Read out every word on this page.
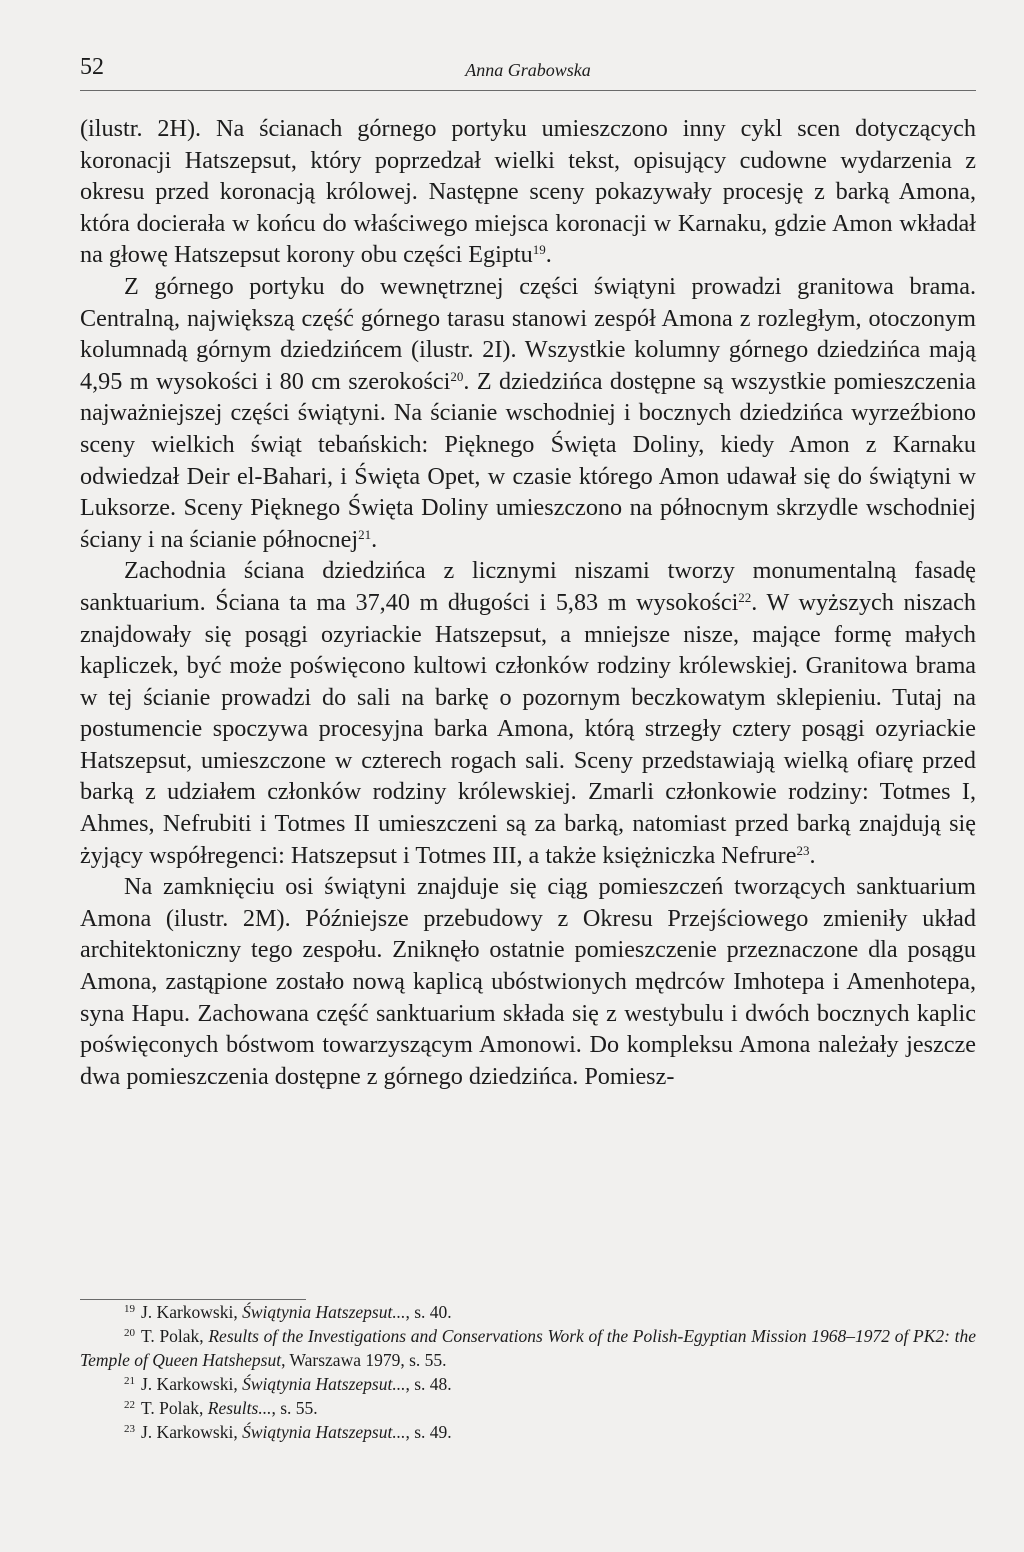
52	Anna Grabowska

(ilustr. 2H). Na ścianach górnego portyku umieszczono inny cykl scen dotyczących koronacji Hatszepsut, który poprzedzał wielki tekst, opisujący cudowne wydarzenia z okresu przed koronacją królowej. Następne sceny pokazywały procesję z barką Amona, która docierała w końcu do właściwego miejsca koronacji w Karnaku, gdzie Amon wkładał na głowę Hatszepsut korony obu części Egiptu$^{19}$.

Z górnego portyku do wewnętrznej części świątyni prowadzi granitowa brama. Centralną, największą część górnego tarasu stanowi zespół Amona z rozległym, otoczonym kolumnadą górnym dziedzińcem (ilustr. 2I). Wszystkie kolumny górnego dziedzińca mają 4,95 m wysokości i 80 cm szerokości$^{20}$. Z dziedzińca dostępne są wszystkie pomieszczenia najważniejszej części świątyni. Na ścianie wschodniej i bocznych dziedzińca wyrzeźbiono sceny wielkich świąt tebańskich: Pięknego Święta Doliny, kiedy Amon z Karnaku odwiedzał Deir el-Bahari, i Święta Opet, w czasie którego Amon udawał się do świątyni w Luksorze. Sceny Pięknego Święta Doliny umieszczono na północnym skrzydle wschodniej ściany i na ścianie północnej$^{21}$.

Zachodnia ściana dziedzińca z licznymi niszami tworzy monumentalną fasadę sanktuarium. Ściana ta ma 37,40 m długości i 5,83 m wysokości$^{22}$. W wyższych niszach znajdowały się posągi ozyriackie Hatszepsut, a mniejsze nisze, mające formę małych kapliczek, być może poświęcono kultowi członków rodziny królewskiej. Granitowa brama w tej ścianie prowadzi do sali na barkę o pozornym beczkowatym sklepieniu. Tutaj na postumencie spoczywa procesyjna barka Amona, którą strzegły cztery posągi ozyriackie Hatszepsut, umieszczone w czterech rogach sali. Sceny przedstawiają wielką ofiarę przed barką z udziałem członków rodziny królewskiej. Zmarli członkowie rodziny: Totmes I, Ahmes, Nefrubiti i Totmes II umieszczeni są za barką, natomiast przed barką znajdują się żyjący współregenci: Hatszepsut i Totmes III, a także księżniczka Nefrure$^{23}$.

Na zamknięciu osi świątyni znajduje się ciąg pomieszczeń tworzących sanktuarium Amona (ilustr. 2M). Późniejsze przebudowy z Okresu Przejściowego zmieniły układ architektoniczny tego zespołu. Zniknęło ostatnie pomieszczenie przeznaczone dla posągu Amona, zastąpione zostało nową kaplicą ubóstwionych mędrców Imhotepa i Amenhotepa, syna Hapu. Zachowana część sanktuarium składa się z westybulu i dwóch bocznych kaplic poświęconych bóstwom towarzyszącym Amonowi. Do kompleksu Amona należały jeszcze dwa pomieszczenia dostępne z górnego dziedzińca. Pomiesz-

$^{19}$ J. Karkowski, Świątynia Hatszepsut..., s. 40.

$^{20}$ T. Polak, Results of the Investigations and Conservations Work of the Polish-Egyptian Mission 1968–1972 of PK2: the Temple of Queen Hatshepsut, Warszawa 1979, s. 55.

$^{21}$ J. Karkowski, Świątynia Hatszepsut..., s. 48.

$^{22}$ T. Polak, Results..., s. 55.

$^{23}$ J. Karkowski, Świątynia Hatszepsut..., s. 49.
